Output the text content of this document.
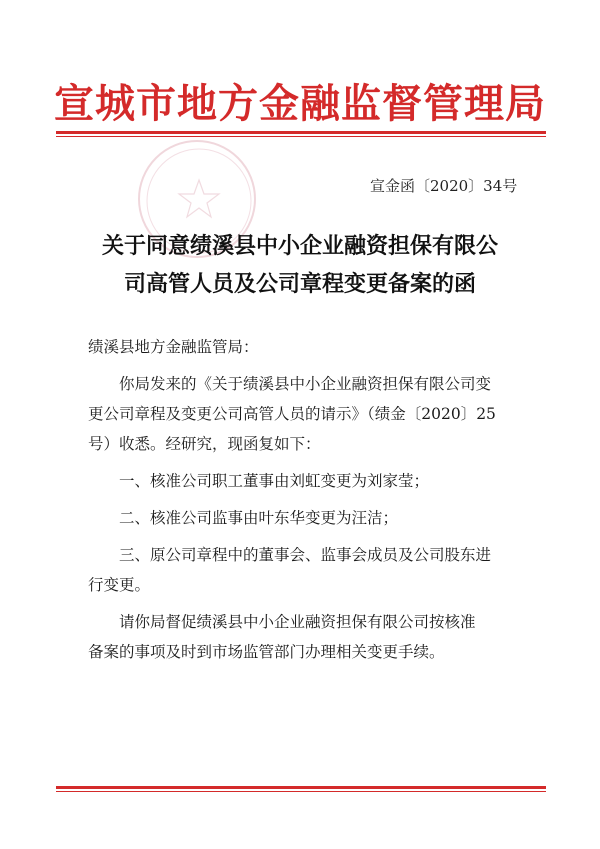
宣城市地方金融监督管理局
宣金函〔2020〕34号
关于同意绩溪县中小企业融资担保有限公
司高管人员及公司章程变更备案的函

绩溪县地方金融监管局：

你局发来的《关于绩溪县中小企业融资担保有限公司变

更公司章程及变更公司高管人员的请示》（绩金〔2020〕25
号）收悉。经研究，现函复如下：

一、核准公司职工董事由刘虹变更为刘家莹；

二、核准公司监事由叶东华变更为汪洁；

三、原公司章程中的董事会、监事会成员及公司股东进

行变更。

请你局督促绩溪县中小企业融资担保有限公司按核准

备案的事项及时到市场监管部门办理相关变更手续。
